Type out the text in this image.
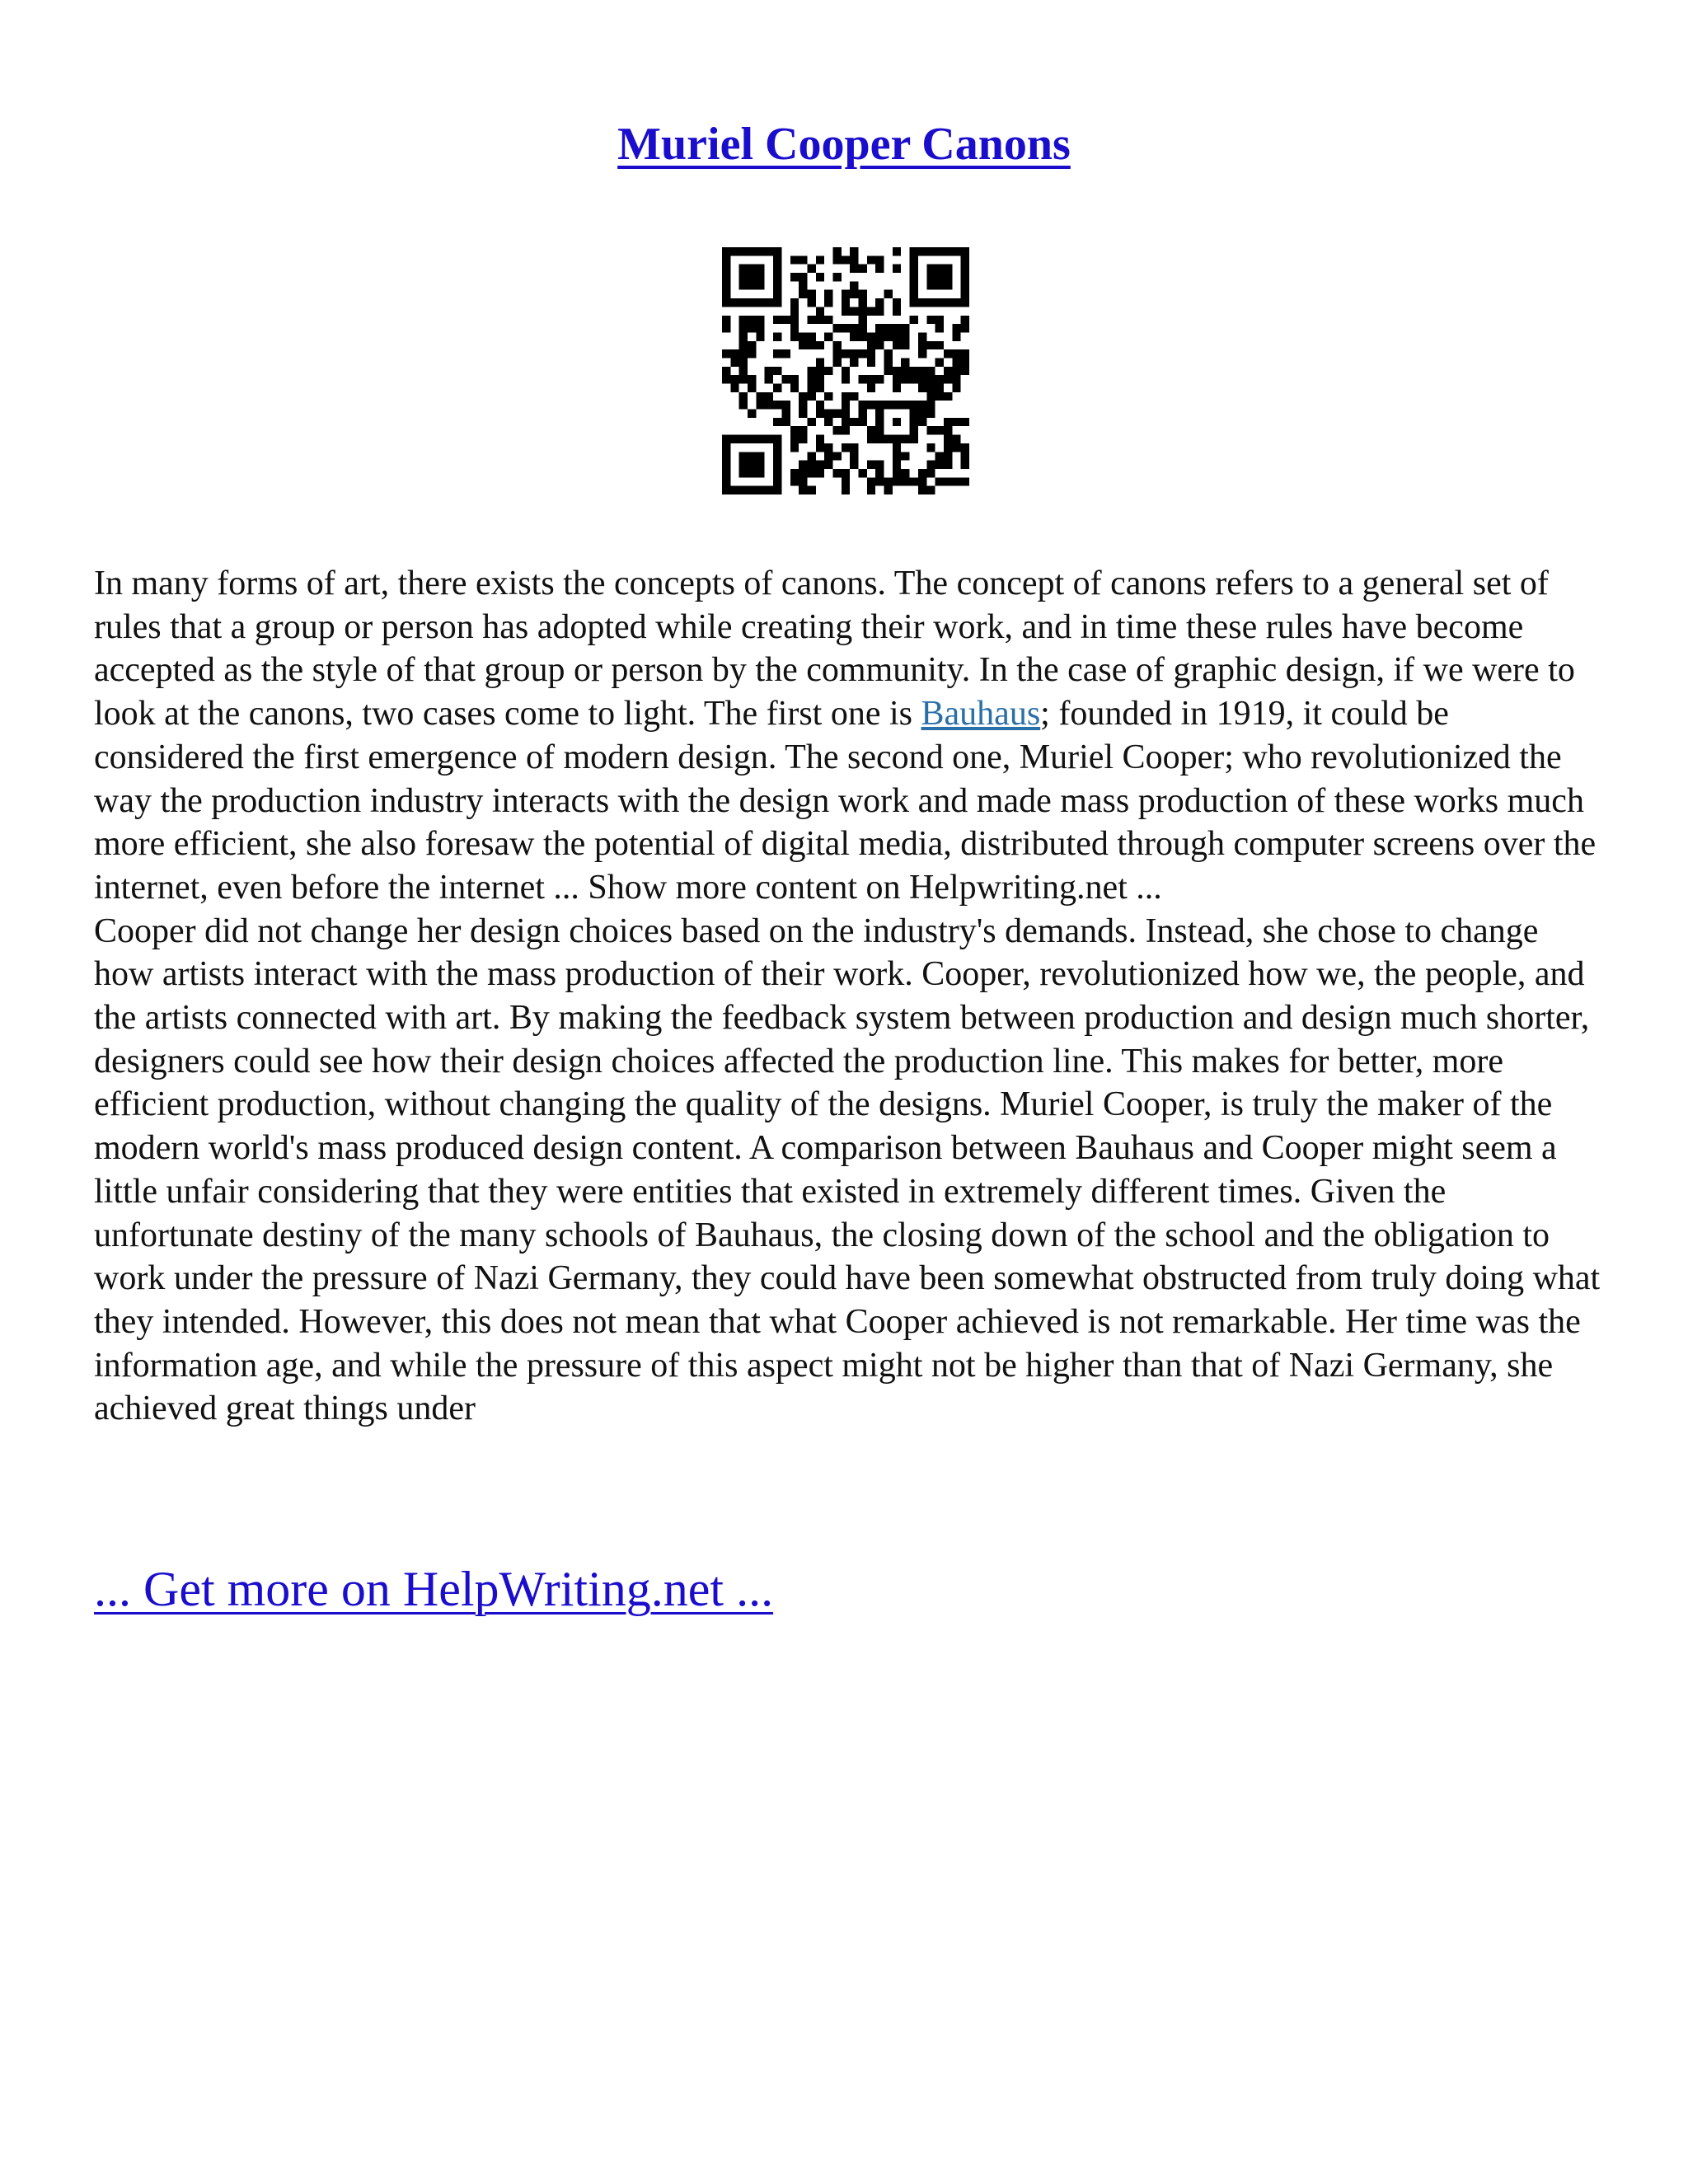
Muriel Cooper Canons

In many forms of art, there exists the concepts of canons. The concept of canons refers to a general set of rules that a group or person has adopted while creating their work, and in time these rules have become accepted as the style of that group or person by the community. In the case of graphic design, if we were to look at the canons, two cases come to light. The first one is Bauhaus; founded in 1919, it could be considered the first emergence of modern design. The second one, Muriel Cooper; who revolutionized the way the production industry interacts with the design work and made mass production of these works much more efficient, she also foresaw the potential of digital media, distributed through computer screens over the internet, even before the internet ... Show more content on Helpwriting.net ...

Cooper did not change her design choices based on the industry's demands. Instead, she chose to change how artists interact with the mass production of their work. Cooper, revolutionized how we, the people, and the artists connected with art. By making the feedback system between production and design much shorter, designers could see how their design choices affected the production line. This makes for better, more efficient production, without changing the quality of the designs. Muriel Cooper, is truly the maker of the modern world's mass produced design content. A comparison between Bauhaus and Cooper might seem a little unfair considering that they were entities that existed in extremely different times. Given the unfortunate destiny of the many schools of Bauhaus, the closing down of the school and the obligation to work under the pressure of Nazi Germany, they could have been somewhat obstructed from truly doing what they intended. However, this does not mean that what Cooper achieved is not remarkable. Her time was the information age, and while the pressure of this aspect might not be higher than that of Nazi Germany, she achieved great things under

... Get more on HelpWriting.net ...
